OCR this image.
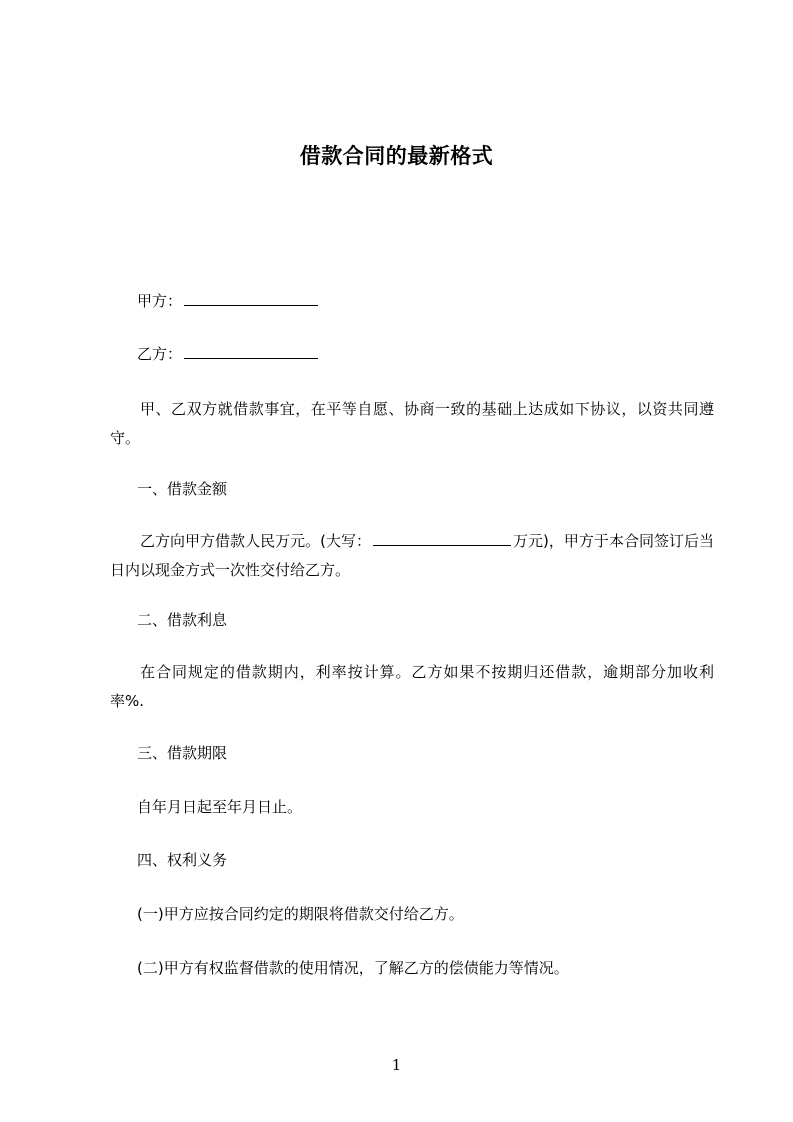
借款合同的最新格式
甲方：
乙方：
甲、乙双方就借款事宜，在平等自愿、协商一致的基础上达成如下协议，以资共同遵守。
一、借款金额
乙方向甲方借款人民万元。(大写：	万元)，甲方于本合同签订后当日内以现金方式一次性交付给乙方。
二、借款利息
在合同规定的借款期内，利率按计算。乙方如果不按期归还借款，逾期部分加收利率%.
三、借款期限
自年月日起至年月日止。
四、权利义务
(一)甲方应按合同约定的期限将借款交付给乙方。
(二)甲方有权监督借款的使用情况，了解乙方的偿债能力等情况。
1
